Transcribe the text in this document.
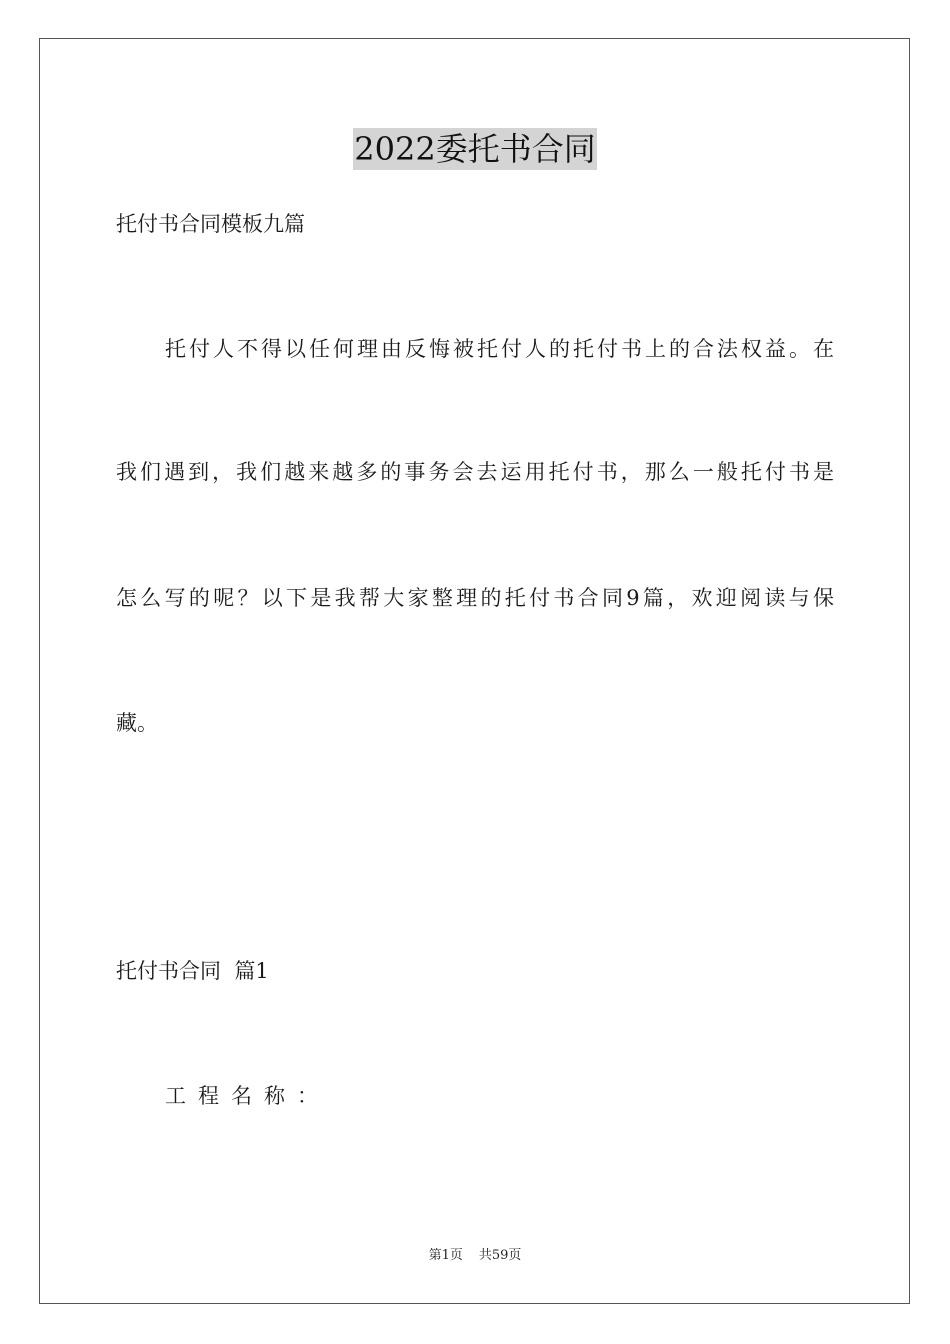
2022委托书合同
托付书合同模板九篇
托付人不得以任何理由反悔被托付人的托付书上的合法权益。在
我们遇到，我们越来越多的事务会去运用托付书，那么一般托付书是
怎么写的呢？以下是我帮大家整理的托付书合同9篇，欢迎阅读与保
藏。
托付书合同  篇1
工程名称：
第1页 共59页
